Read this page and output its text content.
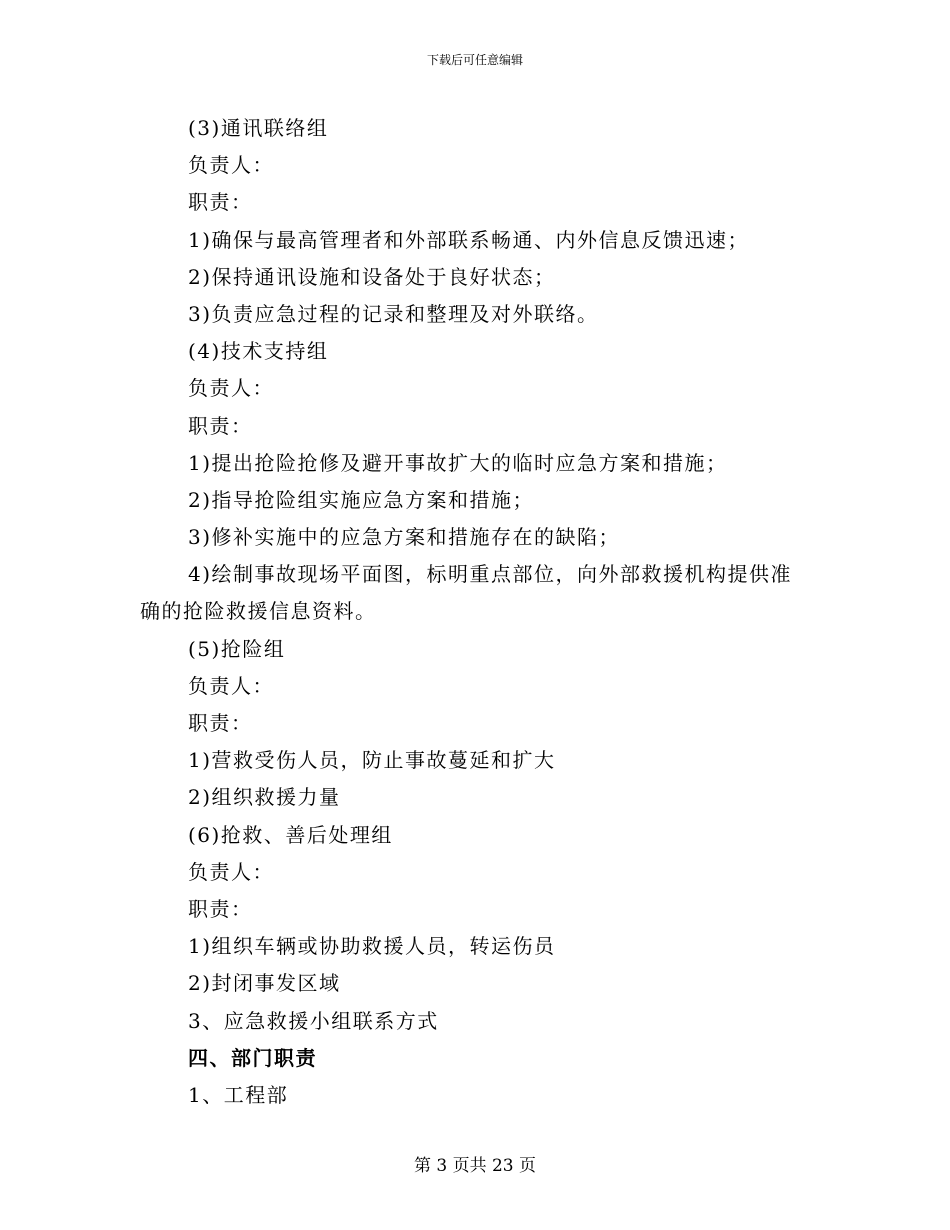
下载后可任意编辑
(3)通讯联络组
负责人：
职责：
1)确保与最高管理者和外部联系畅通、内外信息反馈迅速；
2)保持通讯设施和设备处于良好状态；
3)负责应急过程的记录和整理及对外联络。
(4)技术支持组
负责人：
职责：
1)提出抢险抢修及避开事故扩大的临时应急方案和措施；
2)指导抢险组实施应急方案和措施；
3)修补实施中的应急方案和措施存在的缺陷；
4)绘制事故现场平面图，标明重点部位，向外部救援机构提供准
确的抢险救援信息资料。
(5)抢险组
负责人：
职责：
1)营救受伤人员，防止事故蔓延和扩大
2)组织救援力量
(6)抢救、善后处理组
负责人：
职责：
1)组织车辆或协助救援人员，转运伤员
2)封闭事发区域
3、应急救援小组联系方式
四、部门职责
1、工程部
第 3 页共 23 页
